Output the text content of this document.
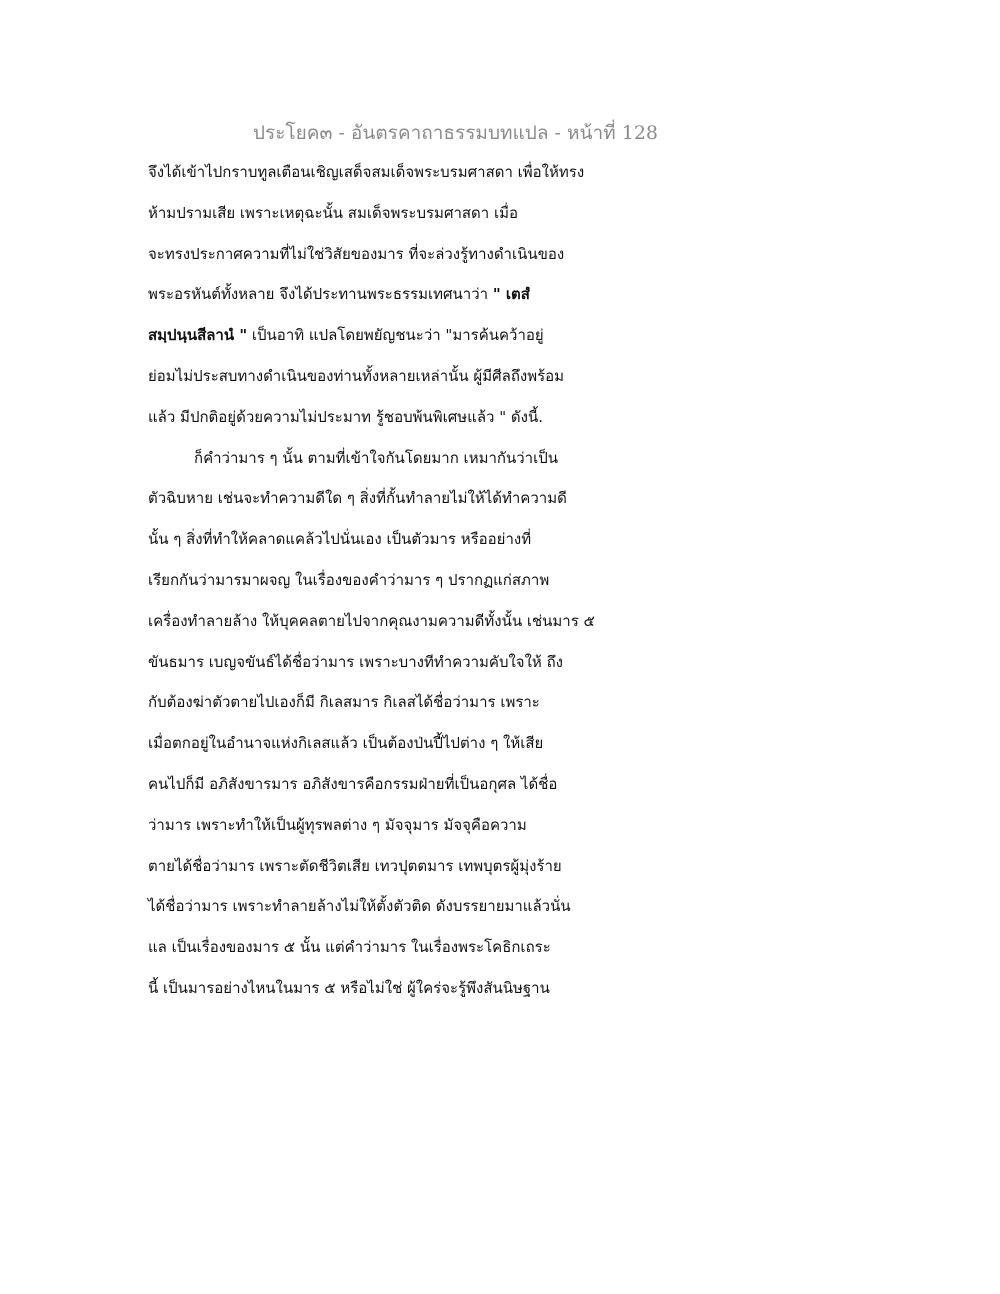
ประโยค๓ - อันตรคาถาธรรมบทแปล - หน้าที่ 128
จึงได้เข้าไปกราบทูลเตือนเชิญเสด็จสมเด็จพระบรมศาสดา เพื่อให้ทรง
ห้ามปรามเสีย เพราะเหตุฉะนั้น สมเด็จพระบรมศาสดา เมื่อ
จะทรงประกาศความที่ไม่ใช่วิสัยของมาร ที่จะล่วงรู้ทางดำเนินของ
พระอรหันต์ทั้งหลาย จึงได้ประทานพระธรรมเทศนาว่า " เตสํ
สมฺปนฺนสีลานํ " เป็นอาทิ แปลโดยพยัญชนะว่า "มารค้นคว้าอยู่
ย่อมไม่ประสบทางดำเนินของท่านทั้งหลายเหล่านั้น ผู้มีศีลถึงพร้อม
แล้ว มีปกติอยู่ด้วยความไม่ประมาท รู้ชอบพ้นพิเศษแล้ว " ดังนี้.
ก็คำว่ามาร ๆ นั้น ตามที่เข้าใจกันโดยมาก เหมากันว่าเป็น
ตัวฉิบหาย เช่นจะทำความดีใด ๆ สิ่งที่กั้นทำลายไม่ให้ได้ทำความดี
นั้น ๆ สิ่งที่ทำให้คลาดแคล้วไปนั่นเอง เป็นตัวมาร หรืออย่างที่
เรียกกันว่ามารมาผจญ ในเรื่องของคำว่ามาร ๆ ปรากฏแก่สภาพ
เครื่องทำลายล้าง ให้บุคคลตายไปจากคุณงามความดีทั้งนั้น เช่นมาร ๕
ขันธมาร เบญจขันธ์ได้ชื่อว่ามาร เพราะบางทีทำความคับใจให้ ถึง
กับต้องฆ่าตัวตายไปเองก็มี กิเลสมาร กิเลสได้ชื่อว่ามาร เพราะ
เมื่อตกอยู่ในอำนาจแห่งกิเลสแล้ว เป็นต้องป่นปี้ไปต่าง ๆ ให้เสีย
คนไปก็มี อภิสังขารมาร อภิสังขารคือกรรมฝ่ายที่เป็นอกุศล ได้ชื่อ
ว่ามาร เพราะทำให้เป็นผู้ทุรพลต่าง ๆ มัจจุมาร มัจจุคือความ
ตายได้ชื่อว่ามาร เพราะตัดชีวิตเสีย เทวปุตตมาร เทพบุตรผู้มุ่งร้าย
ได้ชื่อว่ามาร เพราะทำลายล้างไม่ให้ตั้งตัวติด ดังบรรยายมาแล้วนั่น
แล เป็นเรื่องของมาร ๕ นั้น แต่คำว่ามาร ในเรื่องพระโคธิกเถระ
นี้ เป็นมารอย่างไหนในมาร ๕ หรือไม่ใช่ ผู้ใคร่จะรู้พึงสันนิษฐาน
